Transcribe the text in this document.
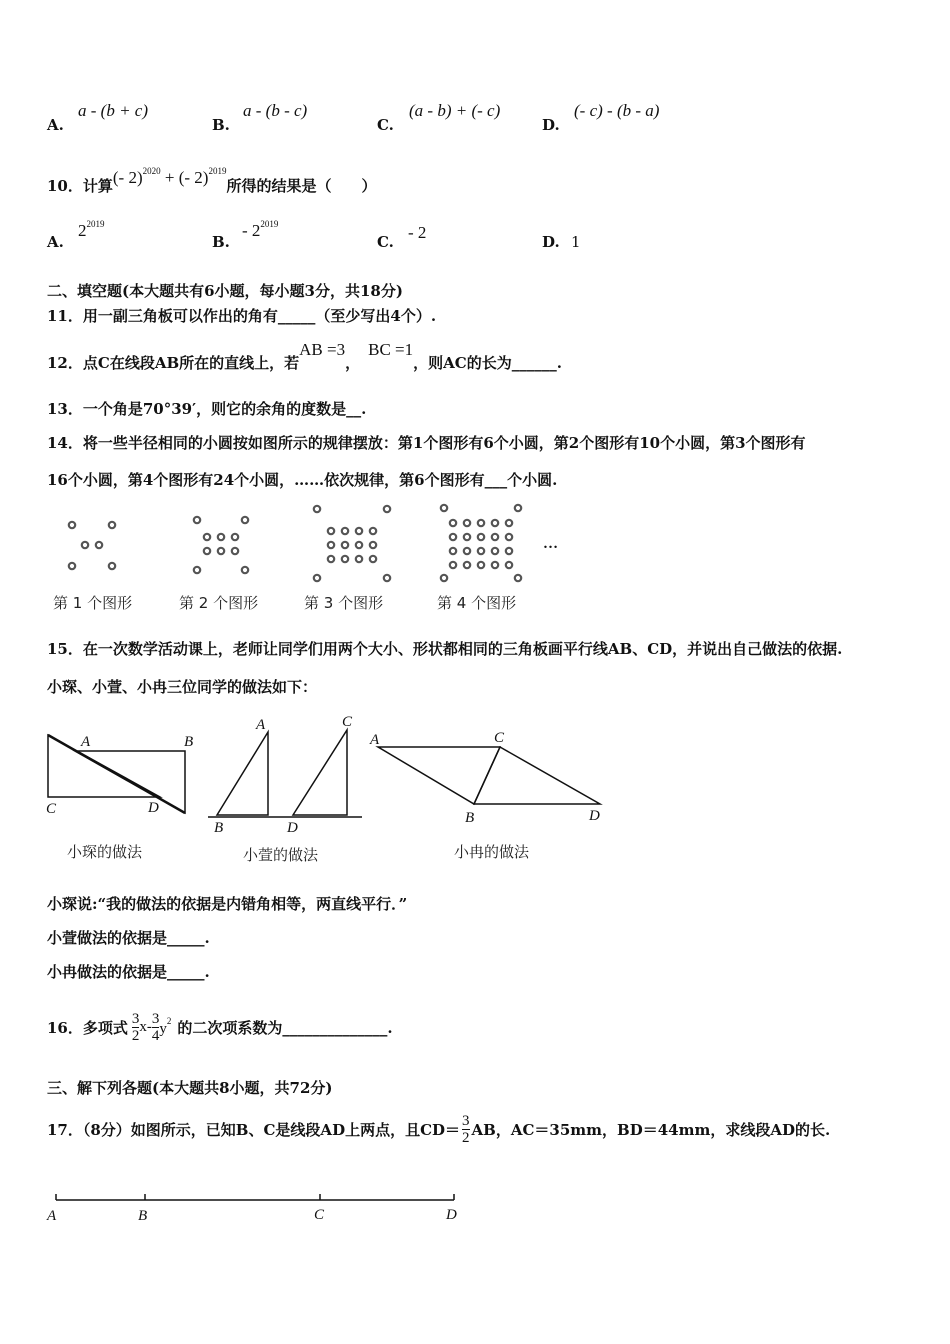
A.
a - (b + c)
B.
a - (b - c)
C.
(a - b) + (- c)
D.
(- c) - (b - a)
10．计算(- 2)$^{2020}$ + (- 2)$^{2019}$所得的结果是（　　）
A.
$2^{2019}$
B.
- $2^{2019}$
C. - 2	D. 1
二、填空题(本大题共有6小题，每小题3分，共18分)
11．用一副三角板可以作出的角有_____（至少写出4个）.
12．点C在线段AB所在的直线上，若AB =3，BC =1，则AC的长为______.
13．一个角是70°39′，则它的余角的度数是__.
14．将一些半径相同的小圆按如图所示的规律摆放：第1个图形有6个小圆，第2个图形有10个小圆，第3个图形有
16个小圆，第4个图形有24个小圆，……依次规律，第6个图形有___个小圆.
第 1 个图形	第 2 个图形	第 3 个图形	第 4 个图形
…
15．在一次数学活动课上，老师让同学们用两个大小、形状都相同的三角板画平行线AB、CD，并说出自己做法的依据.
小琛、小萱、小冉三位同学的做法如下：
A	B
C	D
小琛的做法
A	C
B	D
小萱的做法
A	C
B	D
小冉的做法
小琛说:“我的做法的依据是内错角相等，两直线平行．”
小萱做法的依据是_____.
小冉做法的依据是_____.
16．多项式 $\frac{3}{2} x- \frac{3}{4} y^2$ 的二次项系数为______________.
三、解下列各题(本大题共8小题，共72分)
17．（8分）如图所示，已知B、C是线段AD上两点，且$CD= \frac{3}{2}$ AB，AC＝35mm，BD＝44mm，求线段AD的长.
A	B	C	D
